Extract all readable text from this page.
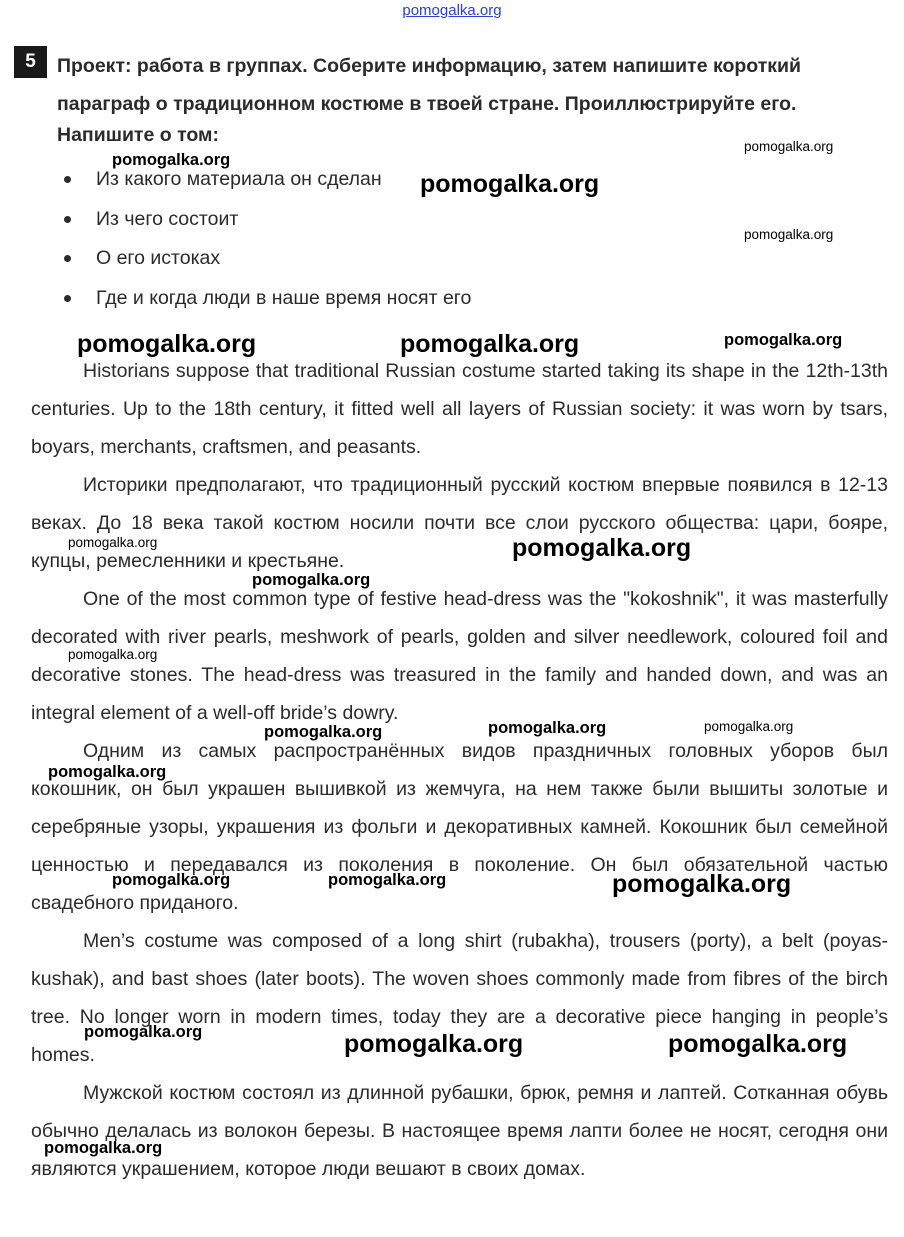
pomogalka.org
5	Проект: работа в группах. Соберите информацию, затем напишите короткий параграф о традиционном костюме в твоей стране. Проиллюстрируйте его.
Напишите о том:
Из какого материала он сделан
Из чего состоит
О его истоках
Где и когда люди в наше время носят его

Historians suppose that traditional Russian costume started taking its shape in the 12th-13th centuries. Up to the 18th century, it fitted well all layers of Russian society: it was worn by tsars, boyars, merchants, craftsmen, and peasants.

Историки предполагают, что традиционный русский костюм впервые появился в 12-13 веках. До 18 века такой костюм носили почти все слои русского общества: цари, бояре, купцы, ремесленники и крестьяне.

One of the most common type of festive head-dress was the "kokoshnik", it was masterfully decorated with river pearls, meshwork of pearls, golden and silver needlework, coloured foil and decorative stones. The head-dress was treasured in the family and handed down, and was an integral element of a well-off bride’s dowry.

Одним из самых распространённых видов праздничных головных уборов был кокошник, он был украшен вышивкой из жемчуга, на нем также были вышиты золотые и серебряные узоры, украшения из фольги и декоративных камней. Кокошник был семейной ценностью и передавался из поколения в поколение. Он был обязательной частью свадебного приданого.

Men’s costume was composed of a long shirt (rubakha), trousers (porty), a belt (poyas- kushak), and bast shoes (later boots). The woven shoes commonly made from fibres of the birch tree. No longer worn in modern times, today they are a decorative piece hanging in people’s homes.

Мужской костюм состоял из длинной рубашки, брюк, ремня и лаптей. Сотканная обувь обычно делалась из волокон березы. В настоящее время лапти более не носят, сегодня они являются украшением, которое люди вешают в своих домах.

pomogalka.org
pomogalka.org
pomogalka.org
pomogalka.org
pomogalka.org	pomogalka.org	pomogalka.org
pomogalka.org	pomogalka.org
pomogalka.org
pomogalka.org
pomogalka.org	pomogalka.org	pomogalka.org
pomogalka.org
pomogalka.org	pomogalka.org	pomogalka.org
pomogalka.org	pomogalka.org	pomogalka.org
pomogalka.org
